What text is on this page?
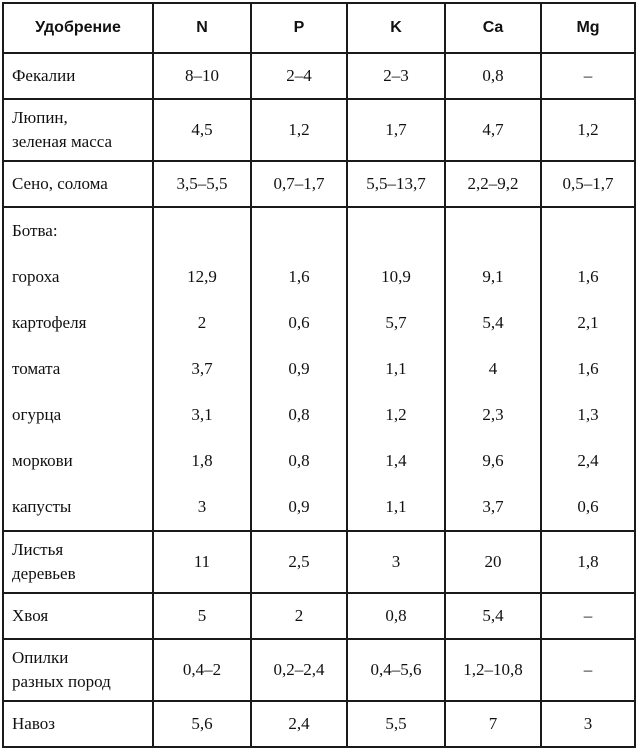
Удобрение	N	P	K	Ca	Mg
Фекалии	8–10	2–4	2–3	0,8	–
Люпин,
зеленая масса	4,5	1,2	1,7	4,7	1,2
Сено, солома	3,5–5,5	0,7–1,7	5,5–13,7	2,2–9,2	0,5–1,7
Ботва:					
гороха	12,9	1,6	10,9	9,1	1,6
картофеля	2	0,6	5,7	5,4	2,1
томата	3,7	0,9	1,1	4	1,6
огурца	3,1	0,8	1,2	2,3	1,3
моркови	1,8	0,8	1,4	9,6	2,4
капусты	3	0,9	1,1	3,7	0,6
Листья
деревьев	11	2,5	3	20	1,8
Хвоя	5	2	0,8	5,4	–
Опилки
разных пород	0,4–2	0,2–2,4	0,4–5,6	1,2–10,8	–
Навоз	5,6	2,4	5,5	7	3
